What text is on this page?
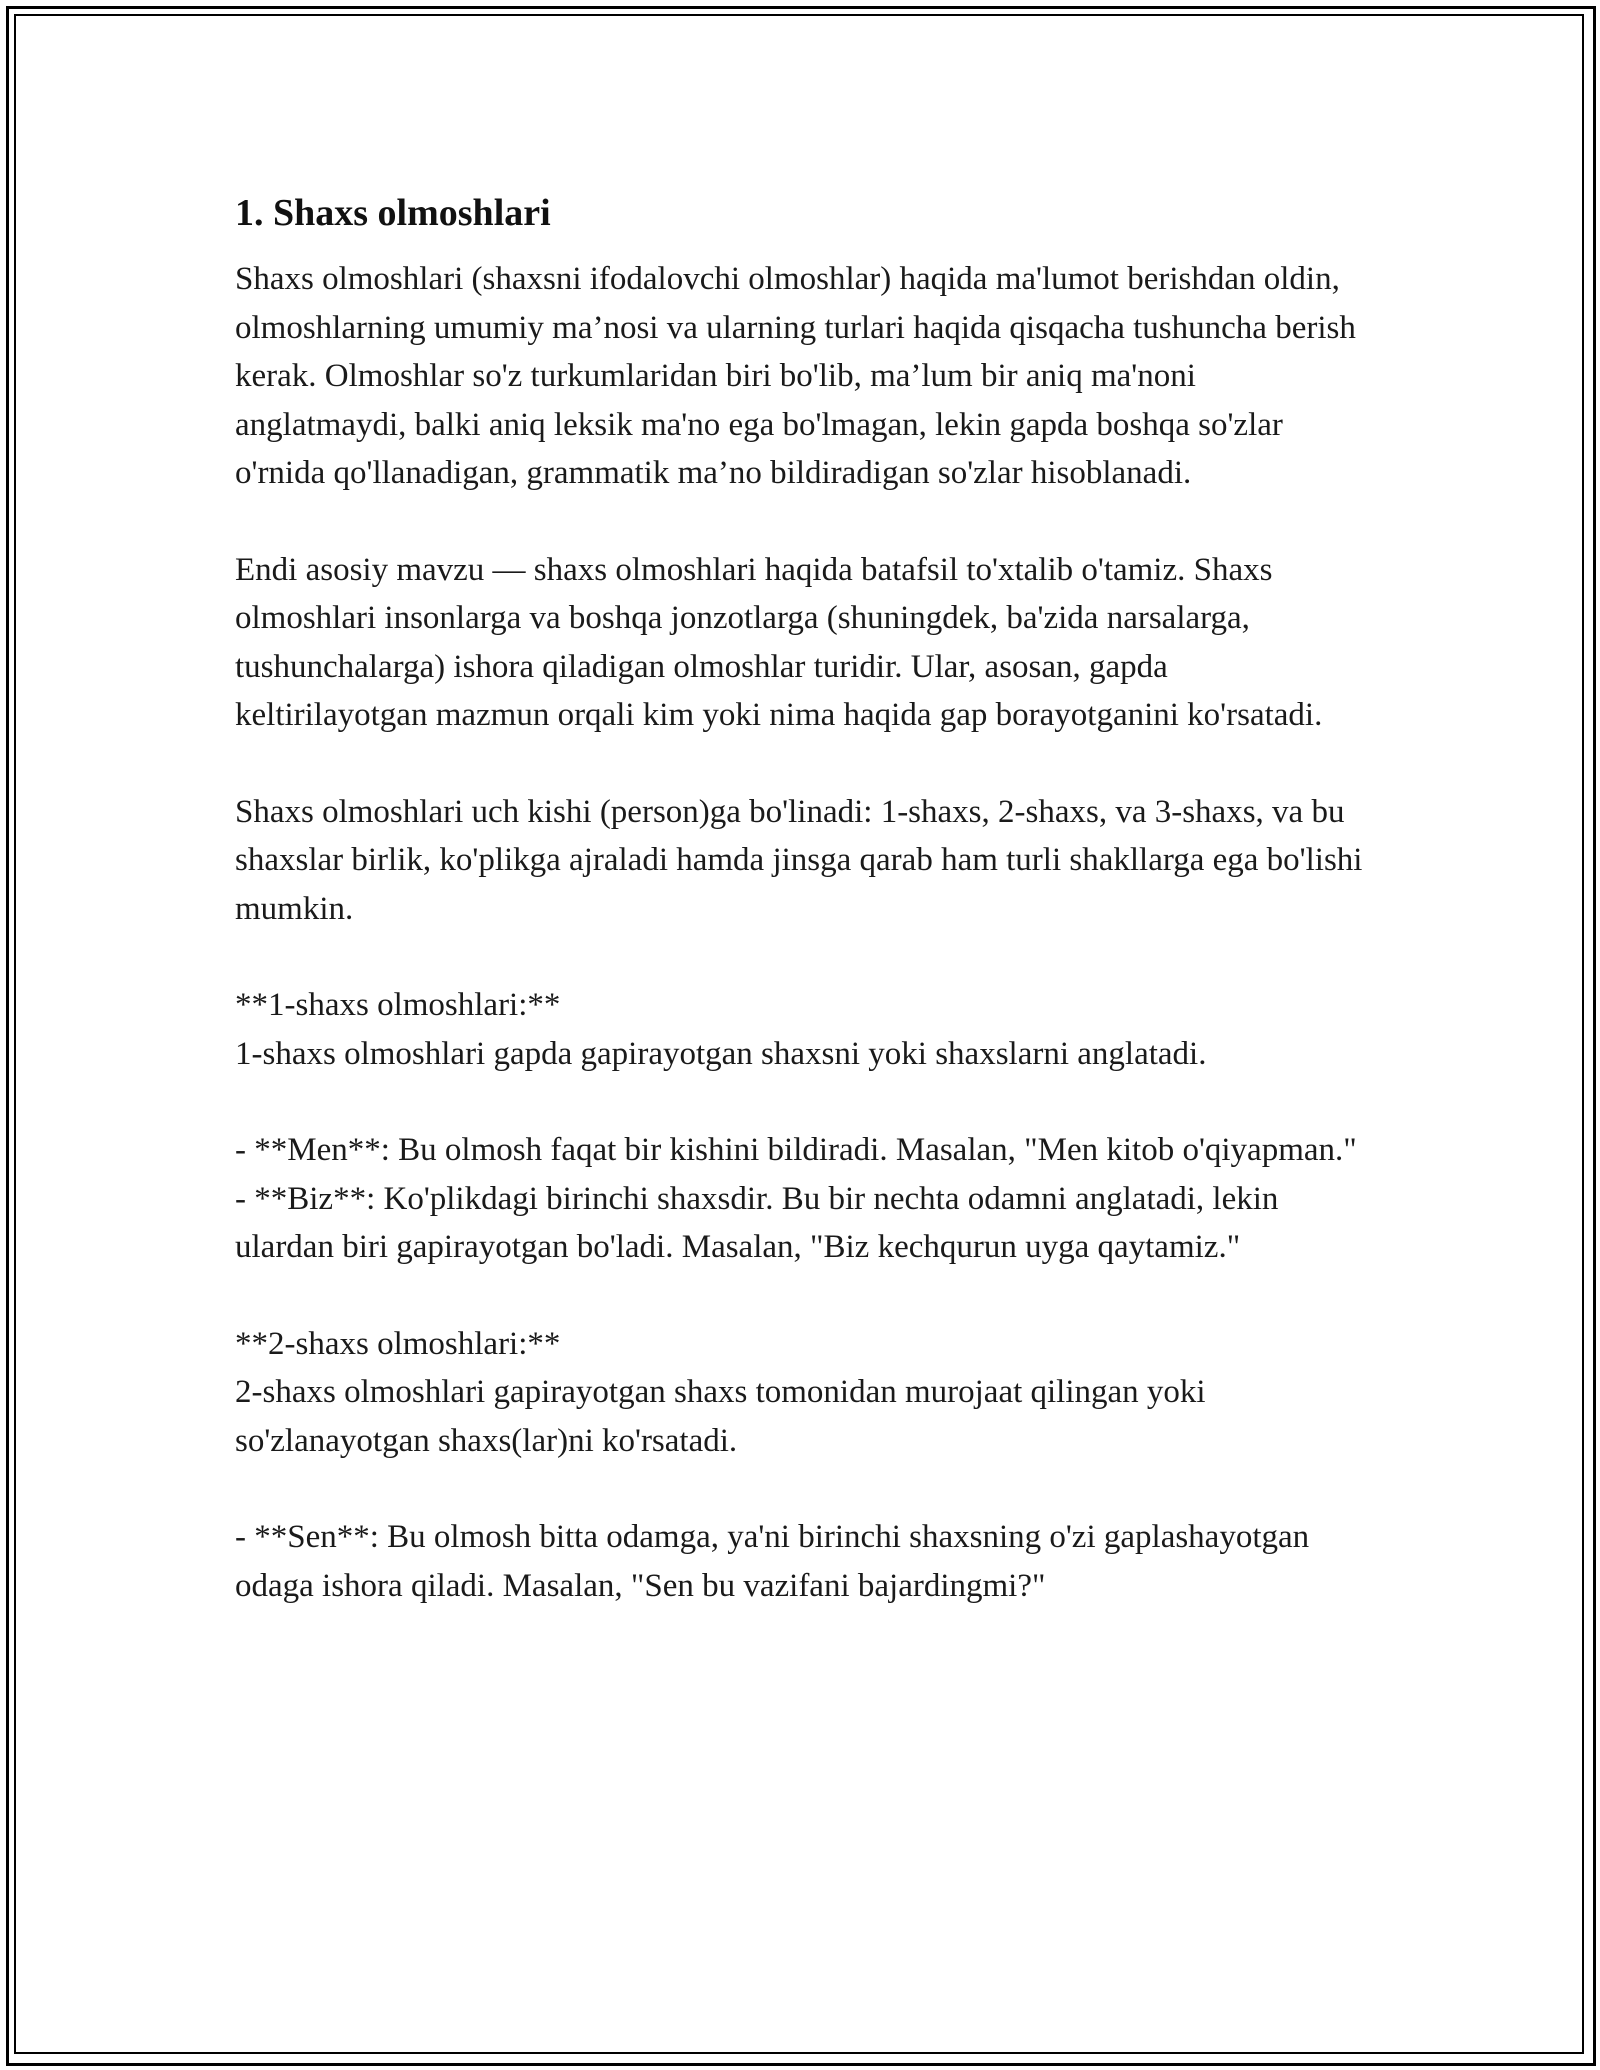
1. Shaxs olmoshlari

Shaxs olmoshlari (shaxsni ifodalovchi olmoshlar) haqida ma'lumot berishdan oldin, olmoshlarning umumiy ma’nosi va ularning turlari haqida qisqacha tushuncha berish kerak. Olmoshlar so'z turkumlaridan biri bo'lib, ma’lum bir aniq ma'noni anglatmaydi, balki aniq leksik ma'no ega bo'lmagan, lekin gapda boshqa so'zlar o'rnida qo'llanadigan, grammatik ma’no bildiradigan so'zlar hisoblanadi.

Endi asosiy mavzu — shaxs olmoshlari haqida batafsil to'xtalib o'tamiz. Shaxs olmoshlari insonlarga va boshqa jonzotlarga (shuningdek, ba'zida narsalarga, tushunchalarga) ishora qiladigan olmoshlar turidir. Ular, asosan, gapda keltirilayotgan mazmun orqali kim yoki nima haqida gap borayotganini ko'rsatadi.

Shaxs olmoshlari uch kishi (person)ga bo'linadi: 1-shaxs, 2-shaxs, va 3-shaxs, va bu shaxslar birlik, ko'plikga ajraladi hamda jinsga qarab ham turli shakllarga ega bo'lishi mumkin.

**1-shaxs olmoshlari:**
1-shaxs olmoshlari gapda gapirayotgan shaxsni yoki shaxslarni anglatadi.

- **Men**: Bu olmosh faqat bir kishini bildiradi. Masalan, "Men kitob o'qiyapman."
- **Biz**: Ko'plikdagi birinchi shaxsdir. Bu bir nechta odamni anglatadi, lekin ulardan biri gapirayotgan bo'ladi. Masalan, "Biz kechqurun uyga qaytamiz."

**2-shaxs olmoshlari:**
2-shaxs olmoshlari gapirayotgan shaxs tomonidan murojaat qilingan yoki so'zlanayotgan shaxs(lar)ni ko'rsatadi.

- **Sen**: Bu olmosh bitta odamga, ya'ni birinchi shaxsning o'zi gaplashayotgan odaga ishora qiladi. Masalan, "Sen bu vazifani bajardingmi?"
